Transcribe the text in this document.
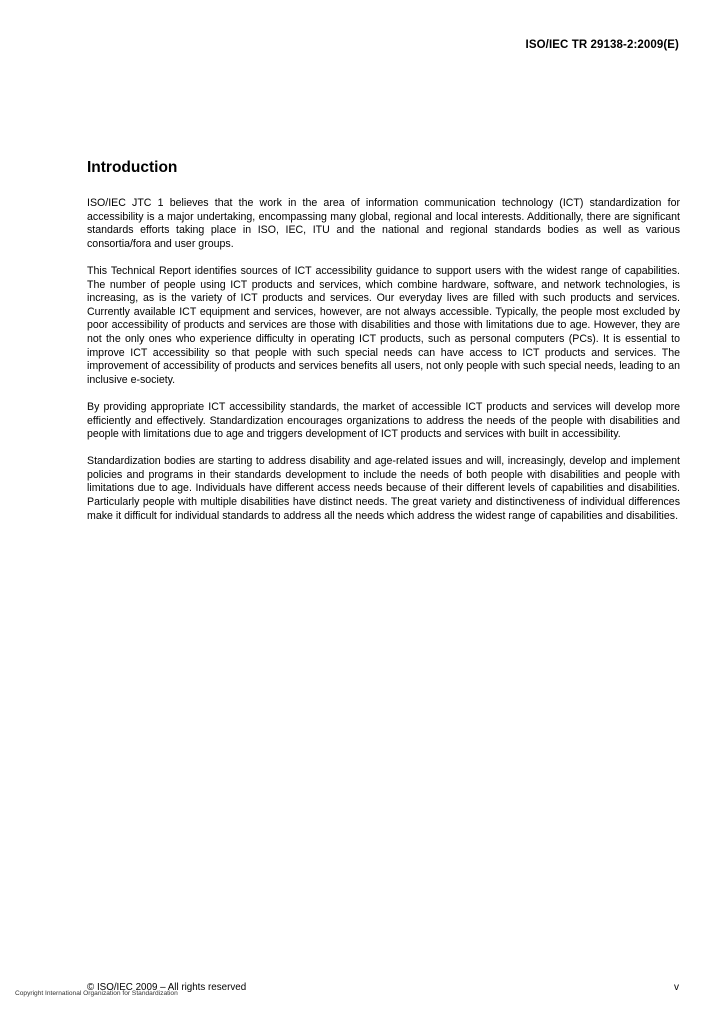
ISO/IEC TR 29138-2:2009(E)
Introduction

ISO/IEC JTC 1 believes that the work in the area of information communication technology (ICT) standardization for accessibility is a major undertaking, encompassing many global, regional and local interests. Additionally, there are significant standards efforts taking place in ISO, IEC, ITU and the national and regional standards bodies as well as various consortia/fora and user groups.

This Technical Report identifies sources of ICT accessibility guidance to support users with the widest range of capabilities. The number of people using ICT products and services, which combine hardware, software, and network technologies, is increasing, as is the variety of ICT products and services. Our everyday lives are filled with such products and services. Currently available ICT equipment and services, however, are not always accessible. Typically, the people most excluded by poor accessibility of products and services are those with disabilities and those with limitations due to age. However, they are not the only ones who experience difficulty in operating ICT products, such as personal computers (PCs). It is essential to improve ICT accessibility so that people with such special needs can have access to ICT products and services. The improvement of accessibility of products and services benefits all users, not only people with such special needs, leading to an inclusive e-society.

By providing appropriate ICT accessibility standards, the market of accessible ICT products and services will develop more efficiently and effectively. Standardization encourages organizations to address the needs of the people with disabilities and people with limitations due to age and triggers development of ICT products and services with built in accessibility.

Standardization bodies are starting to address disability and age-related issues and will, increasingly, develop and implement policies and programs in their standards development to include the needs of both people with disabilities and people with limitations due to age. Individuals have different access needs because of their different levels of capabilities and disabilities. Particularly people with multiple disabilities have distinct needs. The great variety and distinctiveness of individual differences make it difficult for individual standards to address all the needs which address the widest range of capabilities and disabilities.

© ISO/IEC 2009 – All rights reserved
Copyright International Organization for Standardization
v
